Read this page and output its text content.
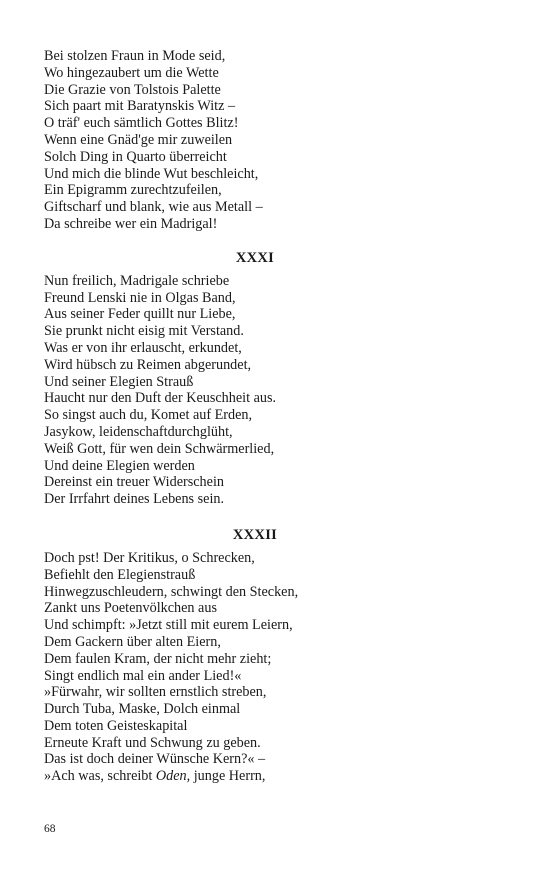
Bei stolzen Fraun in Mode seid,
Wo hingezaubert um die Wette
Die Grazie von Tolstois Palette
Sich paart mit Baratynskis Witz –
O träf' euch sämtlich Gottes Blitz!
Wenn eine Gnäd'ge mir zuweilen
Solch Ding in Quarto überreicht
Und mich die blinde Wut beschleicht,
Ein Epigramm zurechtzufeilen,
Giftscharf und blank, wie aus Metall –
Da schreibe wer ein Madrigal!
XXXI
Nun freilich, Madrigale schriebe
Freund Lenski nie in Olgas Band,
Aus seiner Feder quillt nur Liebe,
Sie prunkt nicht eisig mit Verstand.
Was er von ihr erlauscht, erkundet,
Wird hübsch zu Reimen abgerundet,
Und seiner Elegien Strauß
Haucht nur den Duft der Keuschheit aus.
So singst auch du, Komet auf Erden,
Jasykow, leidenschaftdurchglüht,
Weiß Gott, für wen dein Schwärmerlied,
Und deine Elegien werden
Dereinst ein treuer Widerschein
Der Irrfahrt deines Lebens sein.
XXXII
Doch pst! Der Kritikus, o Schrecken,
Befiehlt den Elegienstrauß
Hinwegzuschleudern, schwingt den Stecken,
Zankt uns Poetenvölkchen aus
Und schimpft: »Jetzt still mit eurem Leiern,
Dem Gackern über alten Eiern,
Dem faulen Kram, der nicht mehr zieht;
Singt endlich mal ein ander Lied!«
»Fürwahr, wir sollten ernstlich streben,
Durch Tuba, Maske, Dolch einmal
Dem toten Geisteskapital
Erneute Kraft und Schwung zu geben.
Das ist doch deiner Wünsche Kern?« –
»Ach was, schreibt Oden, junge Herrn,
68
